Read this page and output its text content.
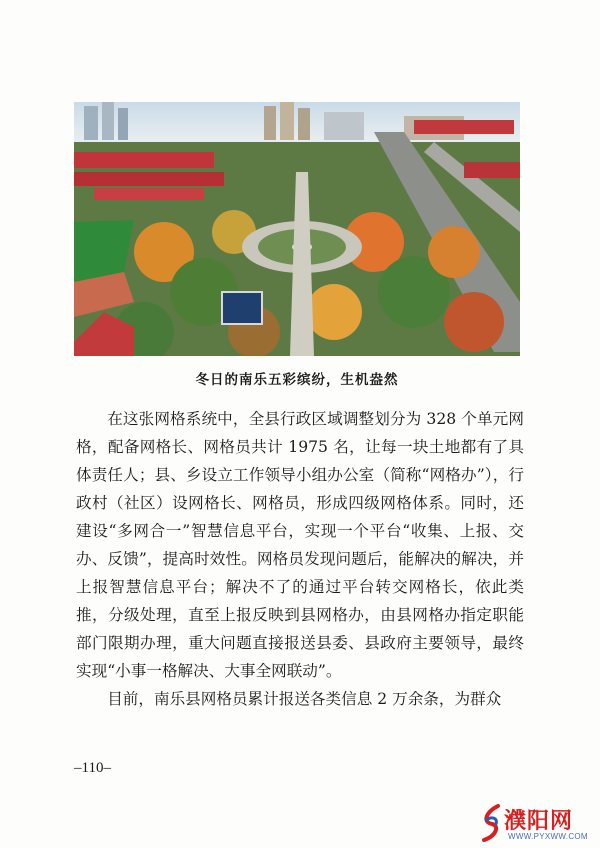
冬日的南乐五彩缤纷，生机盎然

在这张网格系统中，全县行政区域调整划分为 328 个单元网格，配备网格长、网格员共计 1975 名，让每一块土地都有了具体责任人；县、乡设立工作领导小组办公室（简称“网格办”），行政村（社区）设网格长、网格员，形成四级网格体系。同时，还建设“多网合一”智慧信息平台，实现一个平台“收集、上报、交办、反馈”，提高时效性。网格员发现问题后，能解决的解决，并上报智慧信息平台；解决不了的通过平台转交网格长，依此类推，分级处理，直至上报反映到县网格办，由县网格办指定职能部门限期办理，重大问题直接报送县委、县政府主要领导，最终实现“小事一格解决、大事全网联动”。

目前，南乐县网格员累计报送各类信息 2 万余条，为群众

–110–
濮阳网
WWW.PYXWW.COM
